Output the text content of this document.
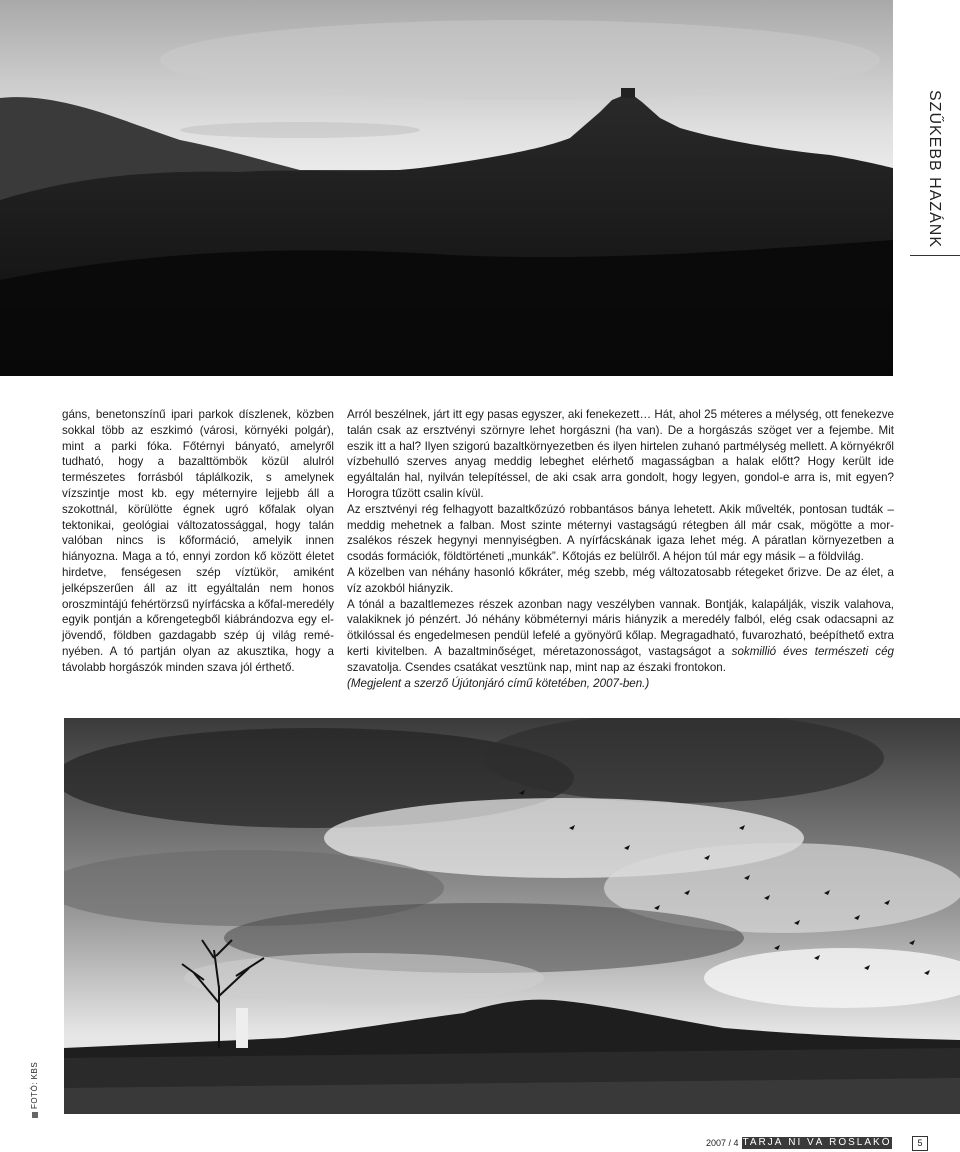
SZŰKEBB HAZÁNK

gáns, benetonszínű ipari parkok díszlenek, közben sokkal több az eszkimó (városi, környéki polgár), mint a parki fóka. Főtérnyi bányató, amelyről tudható, hogy a bazalttömbök közül alulról természetes forrásból táplálkozik, s amelynek vízszintje most kb. egy méternyire lejjebb áll a szokottnál, körülötte égnek ugró kőfalak olyan tektonikai, geológiai változatossággal, hogy talán valóban nincs is kőformáció, amelyik innen hiányozna. Maga a tó, ennyi zordon kő között életet hirdetve, fenségesen szép víztükör, amiként jelképszerűen áll az itt egyáltalán nem honos oroszmintájú fehértörzsű nyírfácska a kőfal-meredély egyik pontján a kőrengetegből kiábrándozva egy eljövendő, földben gazdagabb szép új világ reményében. A tó partján olyan az akusztika, hogy a távolabb horgászók minden szava jól érthető.

Arról beszélnek, járt itt egy pasas egyszer, aki fenekezett… Hát, ahol 25 méteres a mélység, ott fenekezve talán csak az ersztvényi szörnyre lehet horgászni (ha van). De a horgászás szöget ver a fejembe. Mit eszik itt a hal? Ilyen szigorú bazaltkörnyezetben és ilyen hirtelen zuhanó partmélység mellett. A környékről vízbehulló szerves anyag meddig lebeghet elérhető magasságban a halak előtt? Hogy került ide egyáltalán hal, nyilván telepítéssel, de aki csak arra gondolt, hogy legyen, gondol-e arra is, mit egyen? Horogra tűzött csalin kívül.

Az ersztvényi rég felhagyott bazaltkőzúzó robbantásos bánya lehetett. Akik művelték, pontosan tudták – meddig mehetnek a falban. Most szinte méternyi vastagságú rétegben áll már csak, mögötte a morzsalékos részek hegynyi mennyiségben. A nyírfácskának igaza lehet még. A páratlan környezetben a csodás formációk, földtörténeti „munkák”. Kőtojás ez belülről. A héjon túl már egy másik – a földvilág.

A közelben van néhány hasonló kőkráter, még szebb, még változatosabb rétegeket őrizve. De az élet, a víz azokból hiányzik.

A tónál a bazaltlemezes részek azonban nagy veszélyben vannak. Bontják, kalapálják, viszik valahova, valakiknek jó pénzért. Jó néhány köbméternyi máris hiányzik a meredély falból, elég csak odacsapni az ötkilóssal és engedelmesen pendül lefelé a gyönyörű kőlap. Megragadható, fuvarozható, beépíthető extra kerti kivitelben. A bazaltminőséget, méretazonosságot, vastagságot a sokmillió éves természeti cég szavatolja. Csendes csatákat vesztünk nap, mint nap az északi frontokon.

(Megjelent a szerző Újútonjáró című kötetében, 2007-ben.)

FOTÓ: KBS
2007 / 4 TARJÁ NI VÁ ROSLAKÓ	5
